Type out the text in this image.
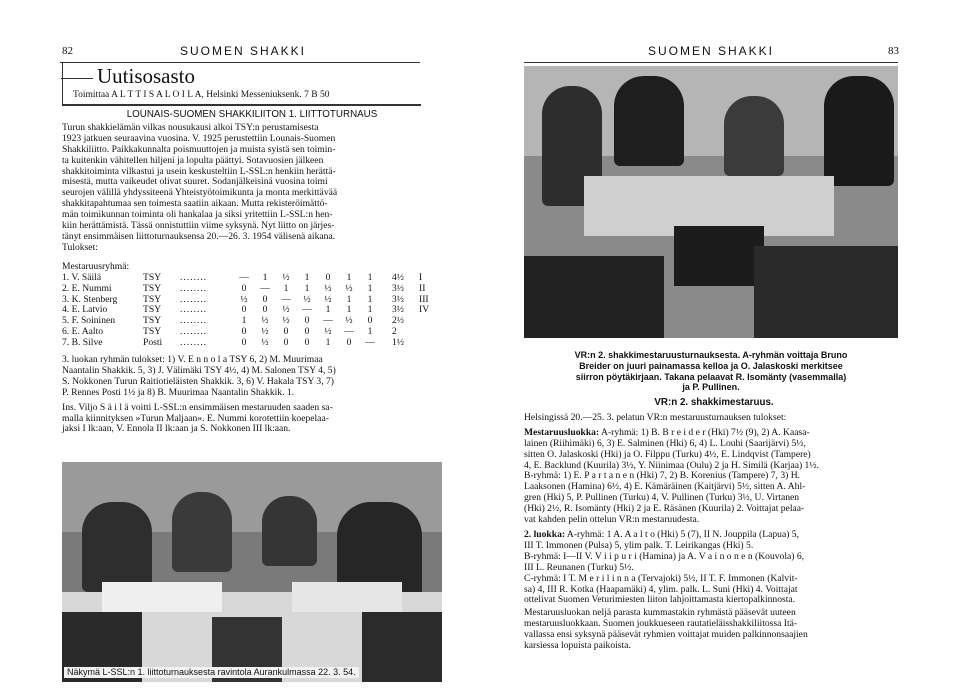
82	SUOMEN SHAKKI
Uutisosasto
Toimittaa A L T T I S A L O I L A, Helsinki Messeniuksenk. 7 B 50

LOUNAIS-SUOMEN SHAKKILIITON 1. LIITTOTURNAUS

Turun shakkielämän vilkas nousukausi alkoi TSY:n perustamisesta

1923 jatkuen seuraavina vuosina. V. 1925 perustettiin Lounais-Suomen

Shakkiliitto. Paikkakunnalta poismuuttojen ja muista syistä sen toimin-

ta kuitenkin vähitellen hiljeni ja lopulta päättyi. Sotavuosien jälkeen

shakkitoiminta vilkastui ja usein keskusteltiin L-SSL:n henkiin herättä-

misestä, mutta vaikeudet olivat suuret. Sodanjälkeisinä vuosina toimi

seurojen välillä yhdyssiteenä Yhteistyötoimikunta ja monta merkittävää

shakkitapahtumaa sen toimesta saatiin aikaan. Mutta rekisteröimättö-

män toimikunnan toiminta oli hankalaa ja siksi yritettiin L-SSL:n hen-

kiin herättämistä. Tässä onnistuttiin viime syksynä. Nyt liitto on järjes-

tänyt ensimmäisen liittoturnauksensa 20.—26. 3. 1954 välisenä aikana.

Tulokset:

Mestaruusryhmä:

1. V. Säilä	TSY	........	—	1	½	1	0	1	1	4½	I
2. E. Nummi	TSY	........	0	—	1	1	½	½	1	3½	II
3. K. Stenberg	TSY	........	½	0	—	½	½	1	1	3½	III
4. E. Latvio	TSY	........	0	0	½	—	1	1	1	3½	IV
5. F. Soininen	TSY	........	1	½	½	0	—	½	0	2½	
6. E. Aalto	TSY	........	0	½	0	0	½	—	1	2	
7. B. Silve	Posti	........	0	½	0	0	1	0	—	1½	

3. luokan ryhmän tulokset: 1) V. E n n o l a TSY 6, 2) M. Muurimaa

Naantalin Shakkik. 5, 3) J. Välimäki TSY 4½, 4) M. Salonen TSY 4, 5)

S. Nokkonen Turun Raitiotieläisten Shakkik. 3, 6) V. Hakala TSY 3, 7)

P. Rennes Posti 1½ ja 8) B. Muurimaa Naantalin Shakkik. 1.

Ins. Viljo S ä i l ä voitti L-SSL:n ensimmäisen mestaruuden saaden sa-

malla kiinnityksen »Turun Maljaan». E. Nummi korotettiin koepelaa-

jaksi I lk:aan, V. Ennola II lk:aan ja S. Nokkonen III lk:aan.

Näkymä L-SSL:n 1. liittoturnauksesta ravintola Aurankulmassa 22. 3. 54.
SUOMEN SHAKKI	83
VR:n 2. shakkimestaruusturnauksesta. A-ryhmän voittaja Bruno
Breider on juuri painamassa kelloa ja O. Jalaskoski merkitsee
siirron pöytäkirjaan. Takana pelaavat R. Isomänty (vasemmalla)
ja P. Pullinen.

VR:n 2. shakkimestaruus.

Helsingissä 20.—25. 3. pelatun VR:n mestaruusturnauksen tulokset:

Mestaruusluokka: A-ryhmä: 1) B. B r e i d e r (Hki) 7½ (9), 2) A. Kaasa-

lainen (Riihimäki) 6, 3) E. Salminen (Hki) 6, 4) L. Louhi (Saarijärvi) 5½,

sitten O. Jalaskoski (Hki) ja O. Filppu (Turku) 4½, E. Lindqvist (Tampere)

4, E. Backlund (Kuurila) 3½, Y. Niinimaa (Oulu) 2 ja H. Similä (Karjaa) 1½.

B-ryhmä: 1) E. P a r t a n e n (Hki) 7, 2) B. Korenius (Tampere) 7, 3) H.

Laaksonen (Hamina) 6½, 4) E. Kämäräinen (Kaitjärvi) 5½, sitten A. Ahl-

gren (Hki) 5, P. Pullinen (Turku) 4, V. Pullinen (Turku) 3½, U. Virtanen

(Hki) 2½, R. Isomänty (Hki) 2 ja E. Räsänen (Kuurila) 2. Voittajat pelaa-

vat kahden pelin ottelun VR:n mestaruudesta.

2. luokka: A-ryhmä: 1 A. A a l t o (Hki) 5 (7), II N. Jouppila (Lapua) 5,

III T. Immonen (Pulsa) 5, ylim palk. T. Leirikangas (Hki) 5.

B-ryhmä: I—II V. V i i p u r i (Hamina) ja A. V a i n o n e n (Kouvola) 6,

III L. Reunanen (Turku) 5½.

C-ryhmä: I T. M e r i l i n n a (Tervajoki) 5½, II T. F. Immonen (Kalvit-

sa) 4, III R. Kotka (Haapamäki) 4, ylim. palk. L. Suni (Hki) 4. Voittajat

ottelivat Suomen Veturimiesten liiton lahjoittamasta kiertopalkinnosta.

Mestaruusluokan neljä parasta kummastakin ryhmästä pääsevät uuteen

mestaruusluokkaan. Suomen joukkueseen rautatieläisshakkiliitossa Itä-

vallassa ensi syksynä pääsevät ryhmien voittajat muiden palkinnonsaajien

karsiessa lopuista paikoista.
